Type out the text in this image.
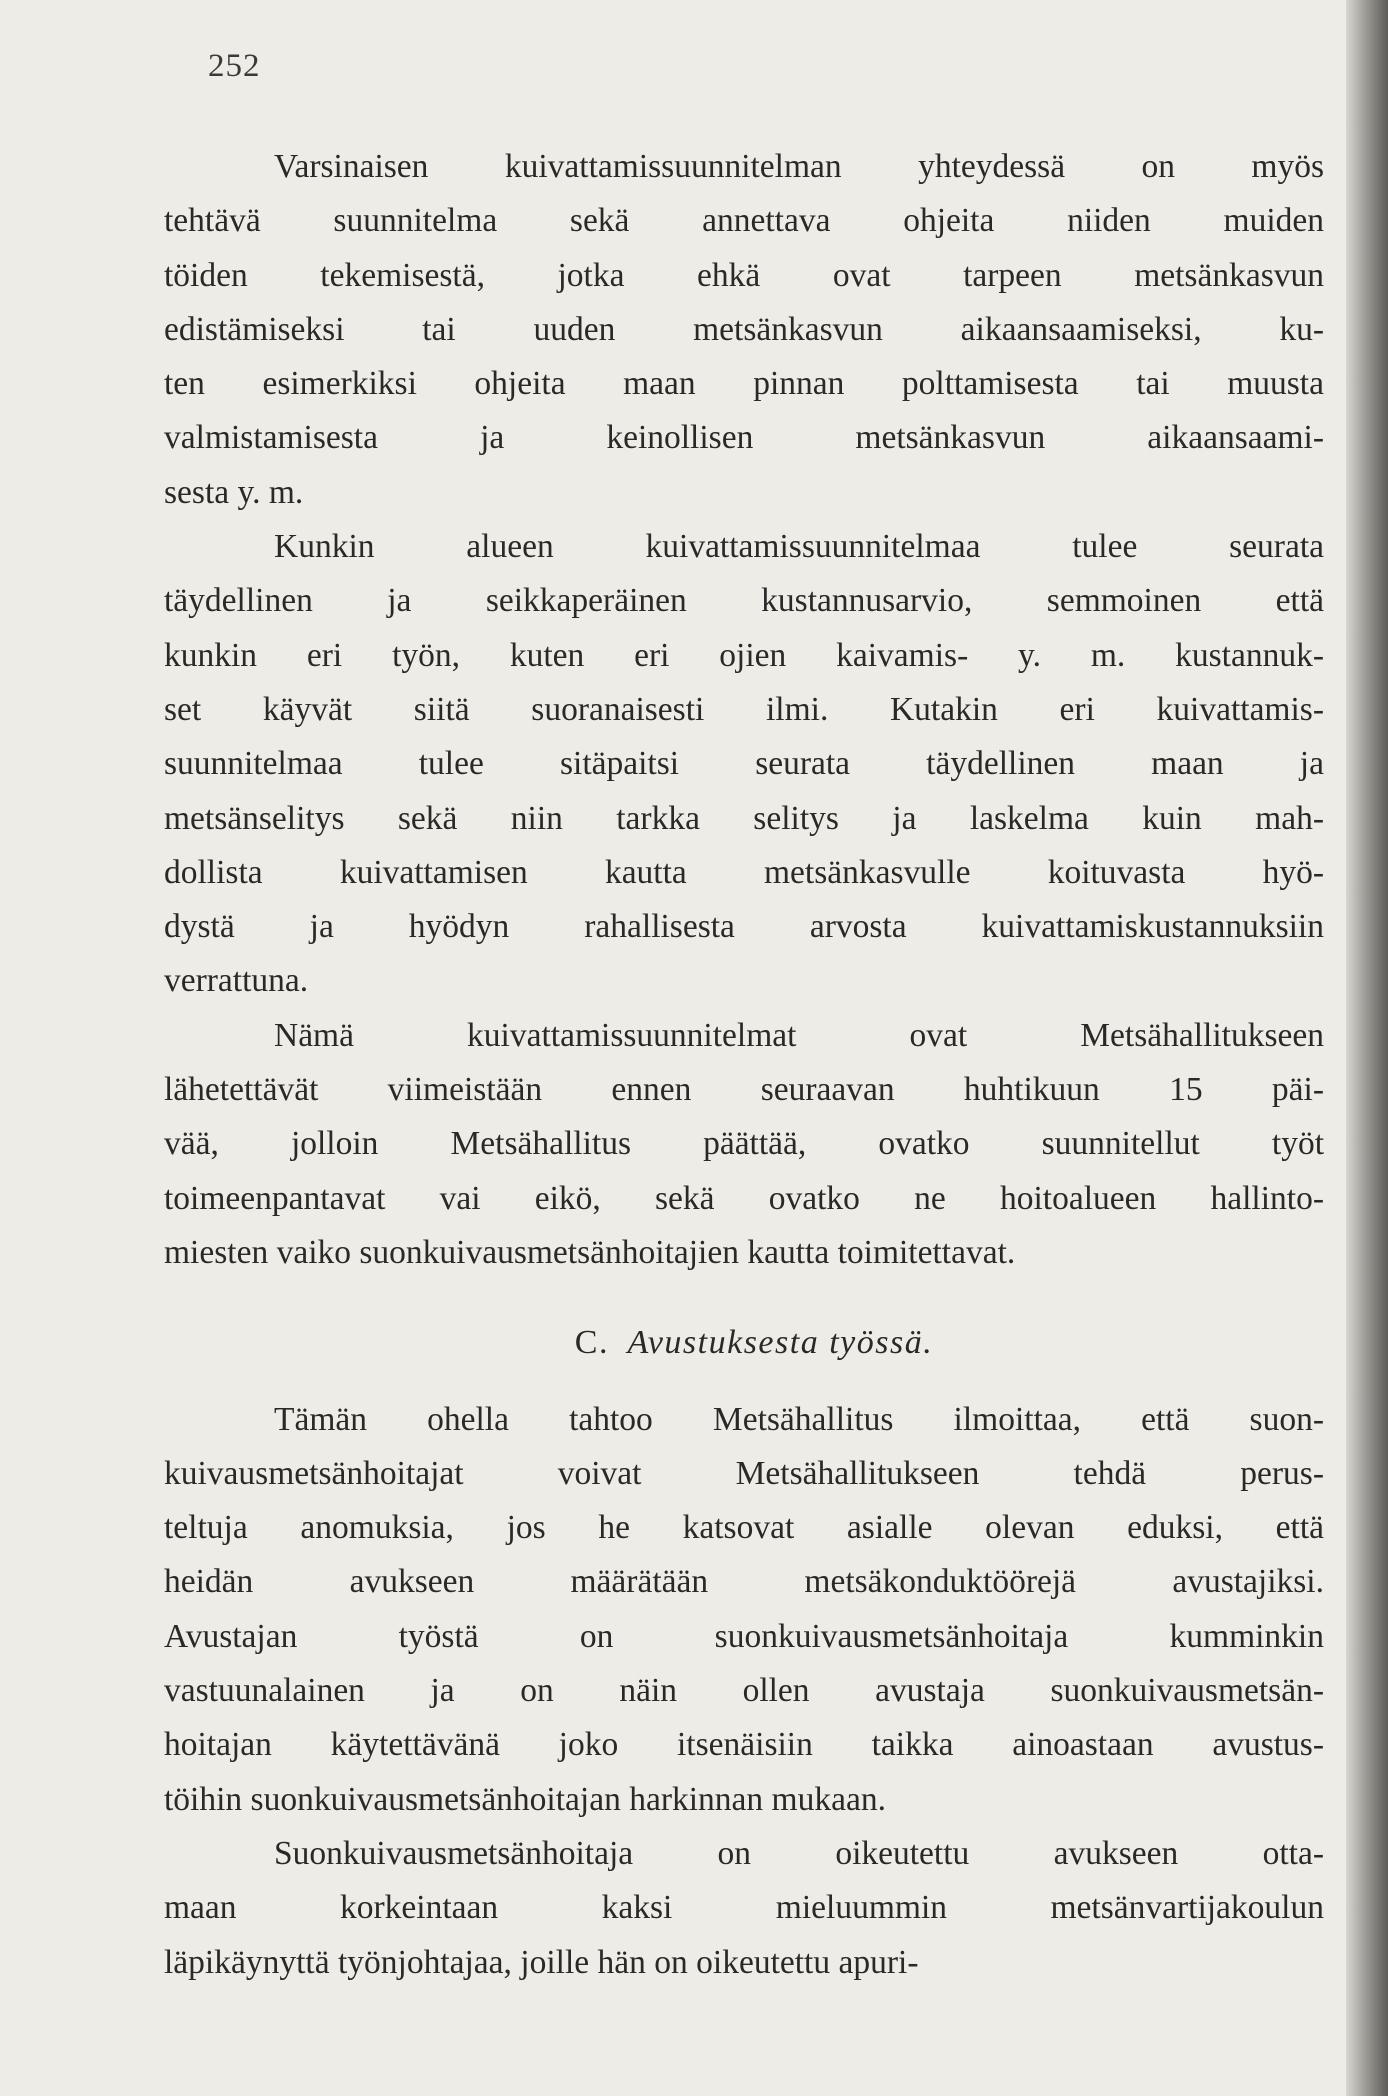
252
Varsinaisen kuivattamissuunnitelman yhteydessä on myös
tehtävä suunnitelma sekä annettava ohjeita niiden muiden
töiden tekemisestä, jotka ehkä ovat tarpeen metsänkasvun
edistämiseksi tai uuden metsänkasvun aikaansaamiseksi, ku-
ten esimerkiksi ohjeita maan pinnan polttamisesta tai muusta
valmistamisesta ja keinollisen metsänkasvun aikaansaami-
sesta y. m.
Kunkin alueen kuivattamissuunnitelmaa tulee seurata
täydellinen ja seikkaperäinen kustannusarvio, semmoinen että
kunkin eri työn, kuten eri ojien kaivamis- y. m. kustannuk-
set käyvät siitä suoranaisesti ilmi. Kutakin eri kuivattamis-
suunnitelmaa tulee sitäpaitsi seurata täydellinen maan ja
metsänselitys sekä niin tarkka selitys ja laskelma kuin mah-
dollista kuivattamisen kautta metsänkasvulle koituvasta hyö-
dystä ja hyödyn rahallisesta arvosta kuivattamiskustannuksiin
verrattuna.
Nämä kuivattamissuunnitelmat ovat Metsähallitukseen
lähetettävät viimeistään ennen seuraavan huhtikuun 15 päi-
vää, jolloin Metsähallitus päättää, ovatko suunnitellut työt
toimeenpantavat vai eikö, sekä ovatko ne hoitoalueen hallinto-
miesten vaiko suonkuivausmetsänhoitajien kautta toimitettavat.
C.  Avustuksesta työssä.
Tämän ohella tahtoo Metsähallitus ilmoittaa, että suon-
kuivausmetsänhoitajat voivat Metsähallitukseen tehdä perus-
teltuja anomuksia, jos he katsovat asialle olevan eduksi, että
heidän avukseen määrätään metsäkonduktöörejä avustajiksi.
Avustajan työstä on suonkuivausmetsänhoitaja kumminkin
vastuunalainen ja on näin ollen avustaja suonkuivausmetsän-
hoitajan käytettävänä joko itsenäisiin taikka ainoastaan avustus-
töihin suonkuivausmetsänhoitajan harkinnan mukaan.
Suonkuivausmetsänhoitaja on oikeutettu avukseen otta-
maan korkeintaan kaksi mieluummin metsänvartijakoulun
läpikäynyttä työnjohtajaa, joille hän on oikeutettu apuri-
